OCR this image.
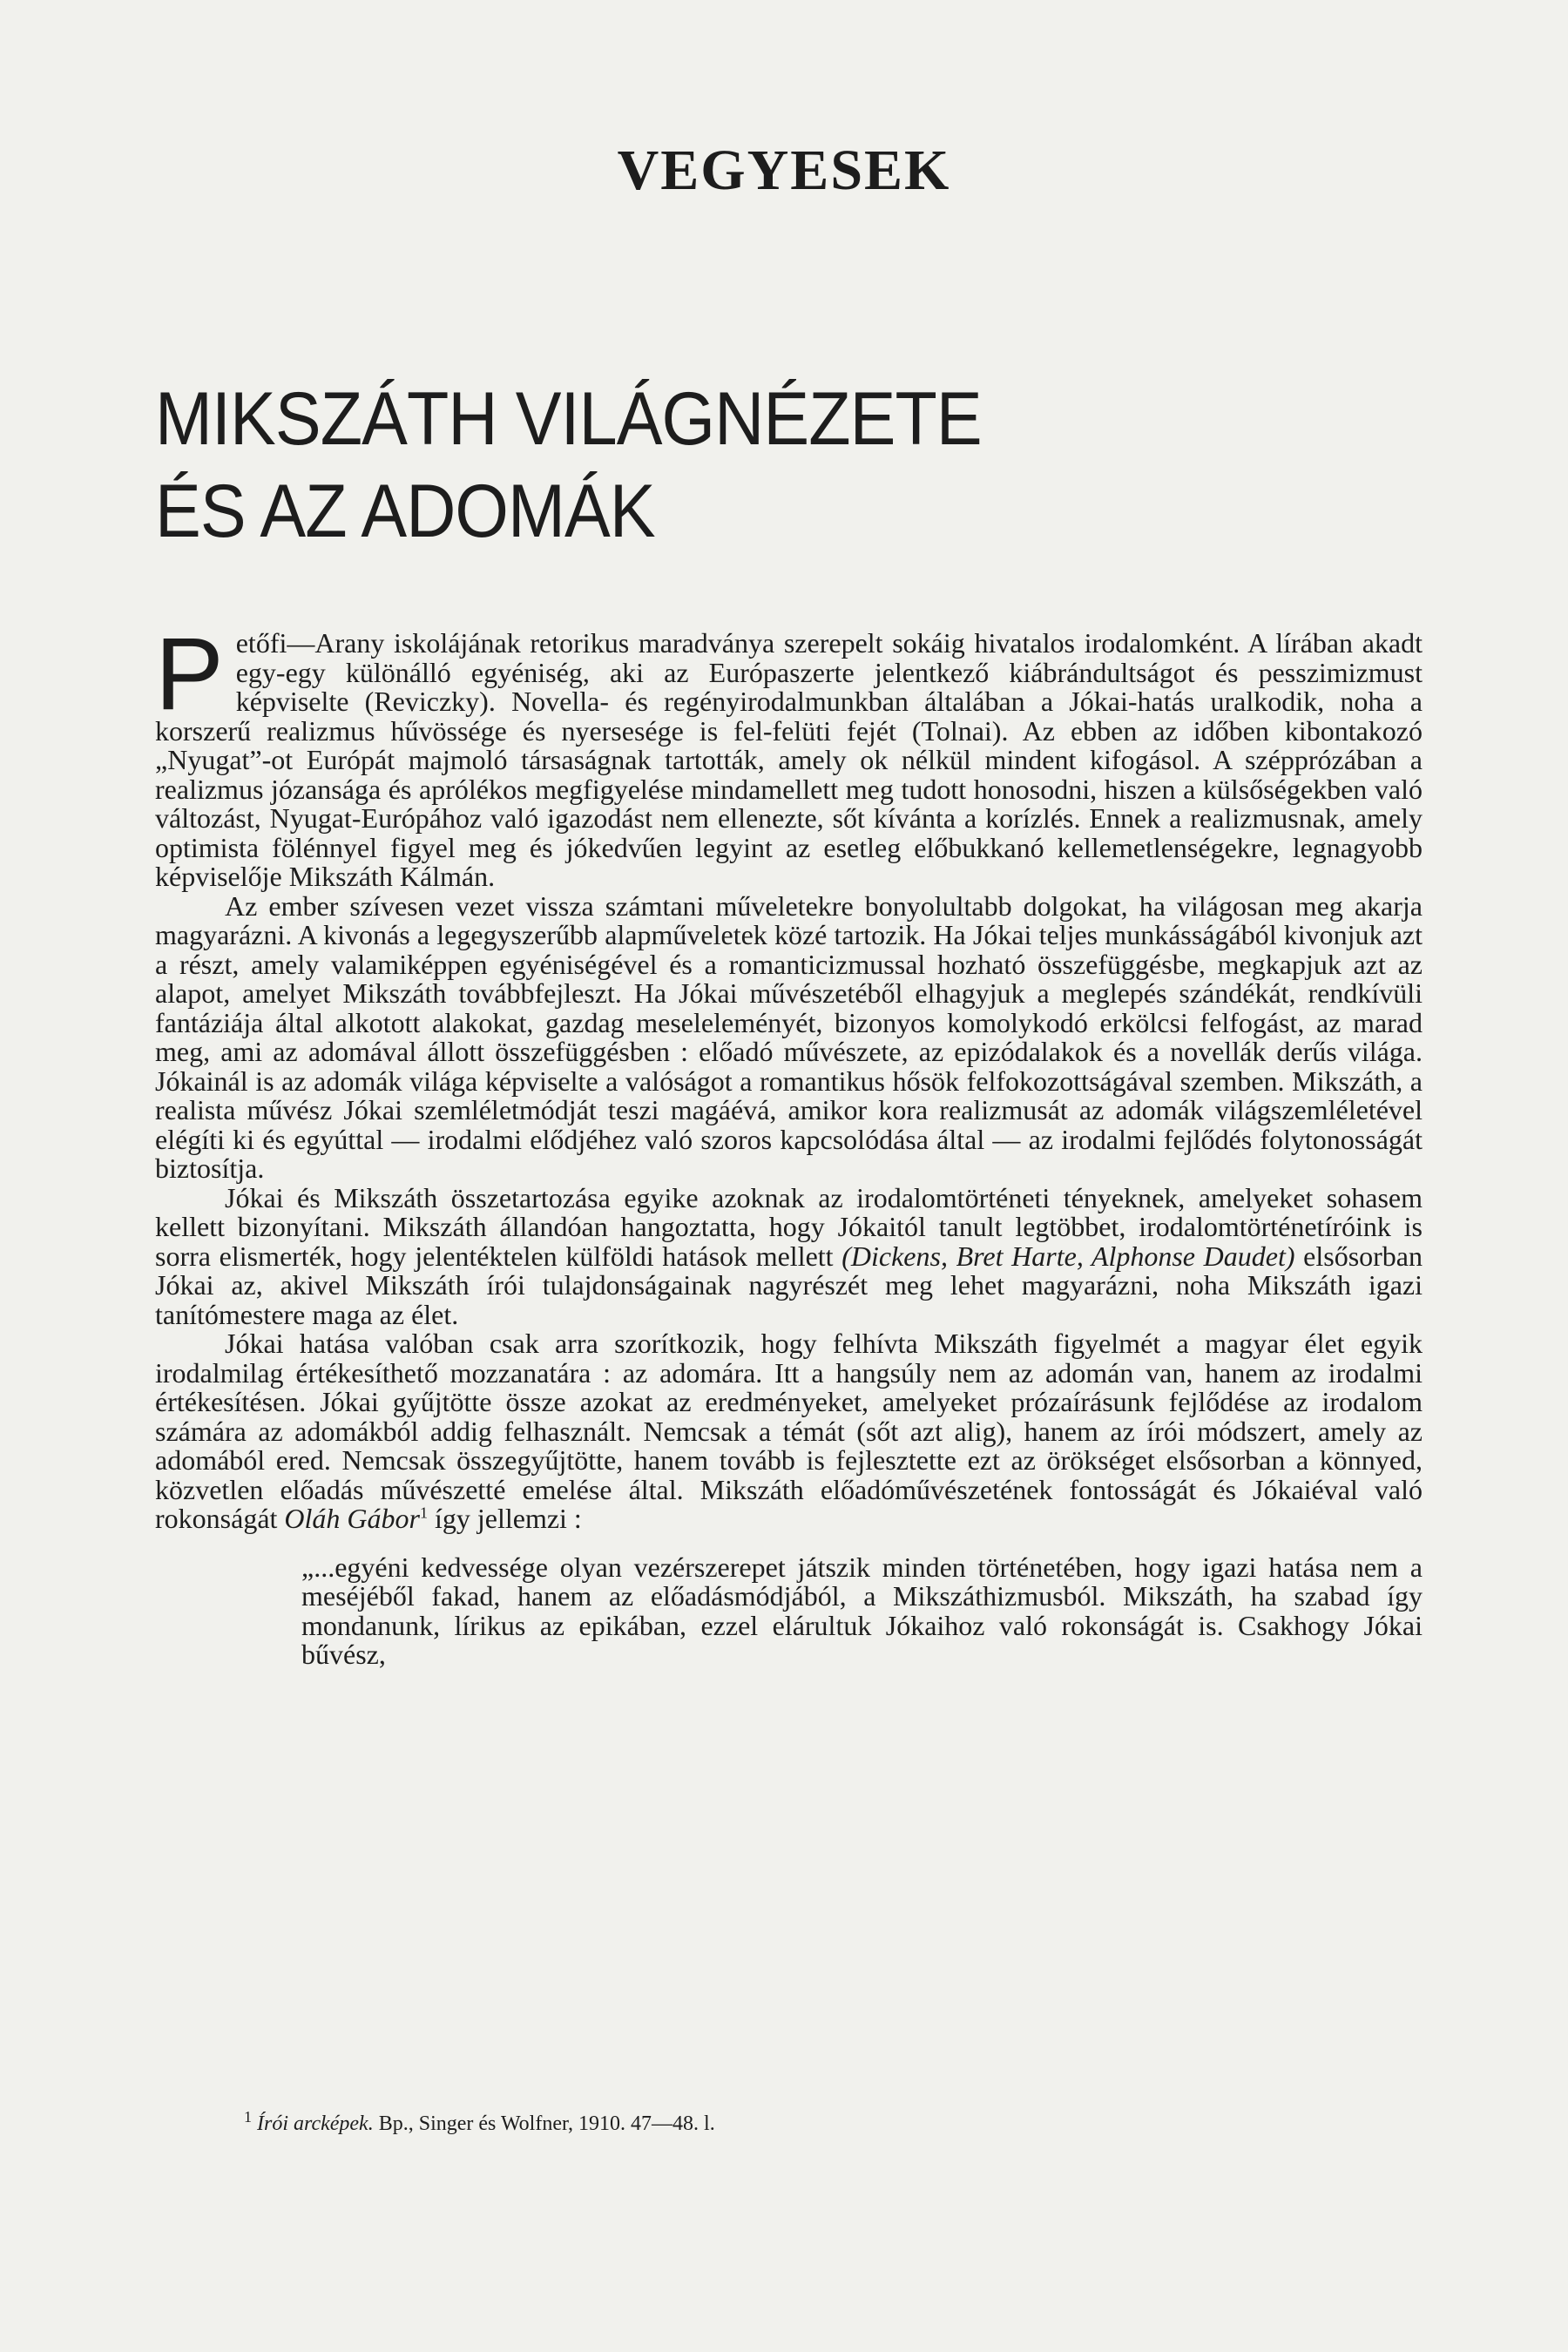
VEGYESEK
MIKSZÁTH VILÁGNÉZETE
ÉS AZ ADOMÁK

Petőfi—Arany iskolájának retorikus maradványa szerepelt sokáig hivatalos irodalomként. A lírában akadt egy-egy különálló egyéniség, aki az Európaszerte jelentkező kiábrándultságot és pesszimizmust képviselte (Reviczky). Novella- és regényirodalmunkban általában a Jókai-hatás uralkodik, noha a korszerű realizmus hűvössége és nyersesége is fel-felüti fejét (Tolnai). Az ebben az időben kibontakozó „Nyugat”-ot Európát majmoló társaságnak tartották, amely ok nélkül mindent kifogásol. A szépprózában a realizmus józansága és aprólékos megfigyelése mindamellett meg tudott honosodni, hiszen a külsőségekben való változást, Nyugat-Európához való igazodást nem ellenezte, sőt kívánta a korízlés. Ennek a realizmusnak, amely optimista fölénnyel figyel meg és jókedvűen legyint az esetleg előbukkanó kellemetlenségekre, legnagyobb képviselője Mikszáth Kálmán.

Az ember szívesen vezet vissza számtani műveletekre bonyolultabb dolgokat, ha világosan meg akarja magyarázni. A kivonás a legegyszerűbb alapműveletek közé tartozik. Ha Jókai teljes munkásságából kivonjuk azt a részt, amely valamiképpen egyéniségével és a romanticizmussal hozható összefüggésbe, megkapjuk azt az alapot, amelyet Mikszáth továbbfejleszt. Ha Jókai művészetéből elhagyjuk a meglepés szándékát, rendkívüli fantáziája által alkotott alakokat, gazdag meseleleményét, bizonyos komolykodó erkölcsi felfogást, az marad meg, ami az adomával állott összefüggésben : előadó művészete, az epizódalakok és a novellák derűs világa. Jókainál is az adomák világa képviselte a valóságot a romantikus hősök felfokozottságával szemben. Mikszáth, a realista művész Jókai szemléletmódját teszi magáévá, amikor kora realizmusát az adomák világszemléletével elégíti ki és egyúttal — irodalmi elődjéhez való szoros kapcsolódása által — az irodalmi fejlődés folytonosságát biztosítja.

Jókai és Mikszáth összetartozása egyike azoknak az irodalomtörténeti tényeknek, amelyeket sohasem kellett bizonyítani. Mikszáth állandóan hangoztatta, hogy Jókaitól tanult legtöbbet, irodalomtörténetíróink is sorra elismerték, hogy jelentéktelen külföldi hatások mellett (Dickens, Bret Harte, Alphonse Daudet) elsősorban Jókai az, akivel Mikszáth írói tulajdonságainak nagyrészét meg lehet magyarázni, noha Mikszáth igazi tanítómestere maga az élet.

Jókai hatása valóban csak arra szorítkozik, hogy felhívta Mikszáth figyelmét a magyar élet egyik irodalmilag értékesíthető mozzanatára : az adomára. Itt a hangsúly nem az adomán van, hanem az irodalmi értékesítésen. Jókai gyűjtötte össze azokat az eredményeket, amelyeket prózaírásunk fejlődése az irodalom számára az adomákból addig felhasznált. Nemcsak a témát (sőt azt alig), hanem az írói módszert, amely az adomából ered. Nemcsak összegyűjtötte, hanem tovább is fejlesztette ezt az örökséget elsősorban a könnyed, közvetlen előadás művészetté emelése által. Mikszáth előadóművészetének fontosságát és Jókaiéval való rokonságát Oláh Gábor$^1$ így jellemzi :

„...egyéni kedvessége olyan vezérszerepet játszik minden történetében, hogy igazi hatása nem a meséjéből fakad, hanem az előadásmódjából, a Mikszáthizmusból. Mikszáth, ha szabad így mondanunk, lírikus az epikában, ezzel elárultuk Jókaihoz való rokonságát is. Csakhogy Jókai bűvész,

$^1$ Írói arcképek. Bp., Singer és Wolfner, 1910. 47—48. l.
